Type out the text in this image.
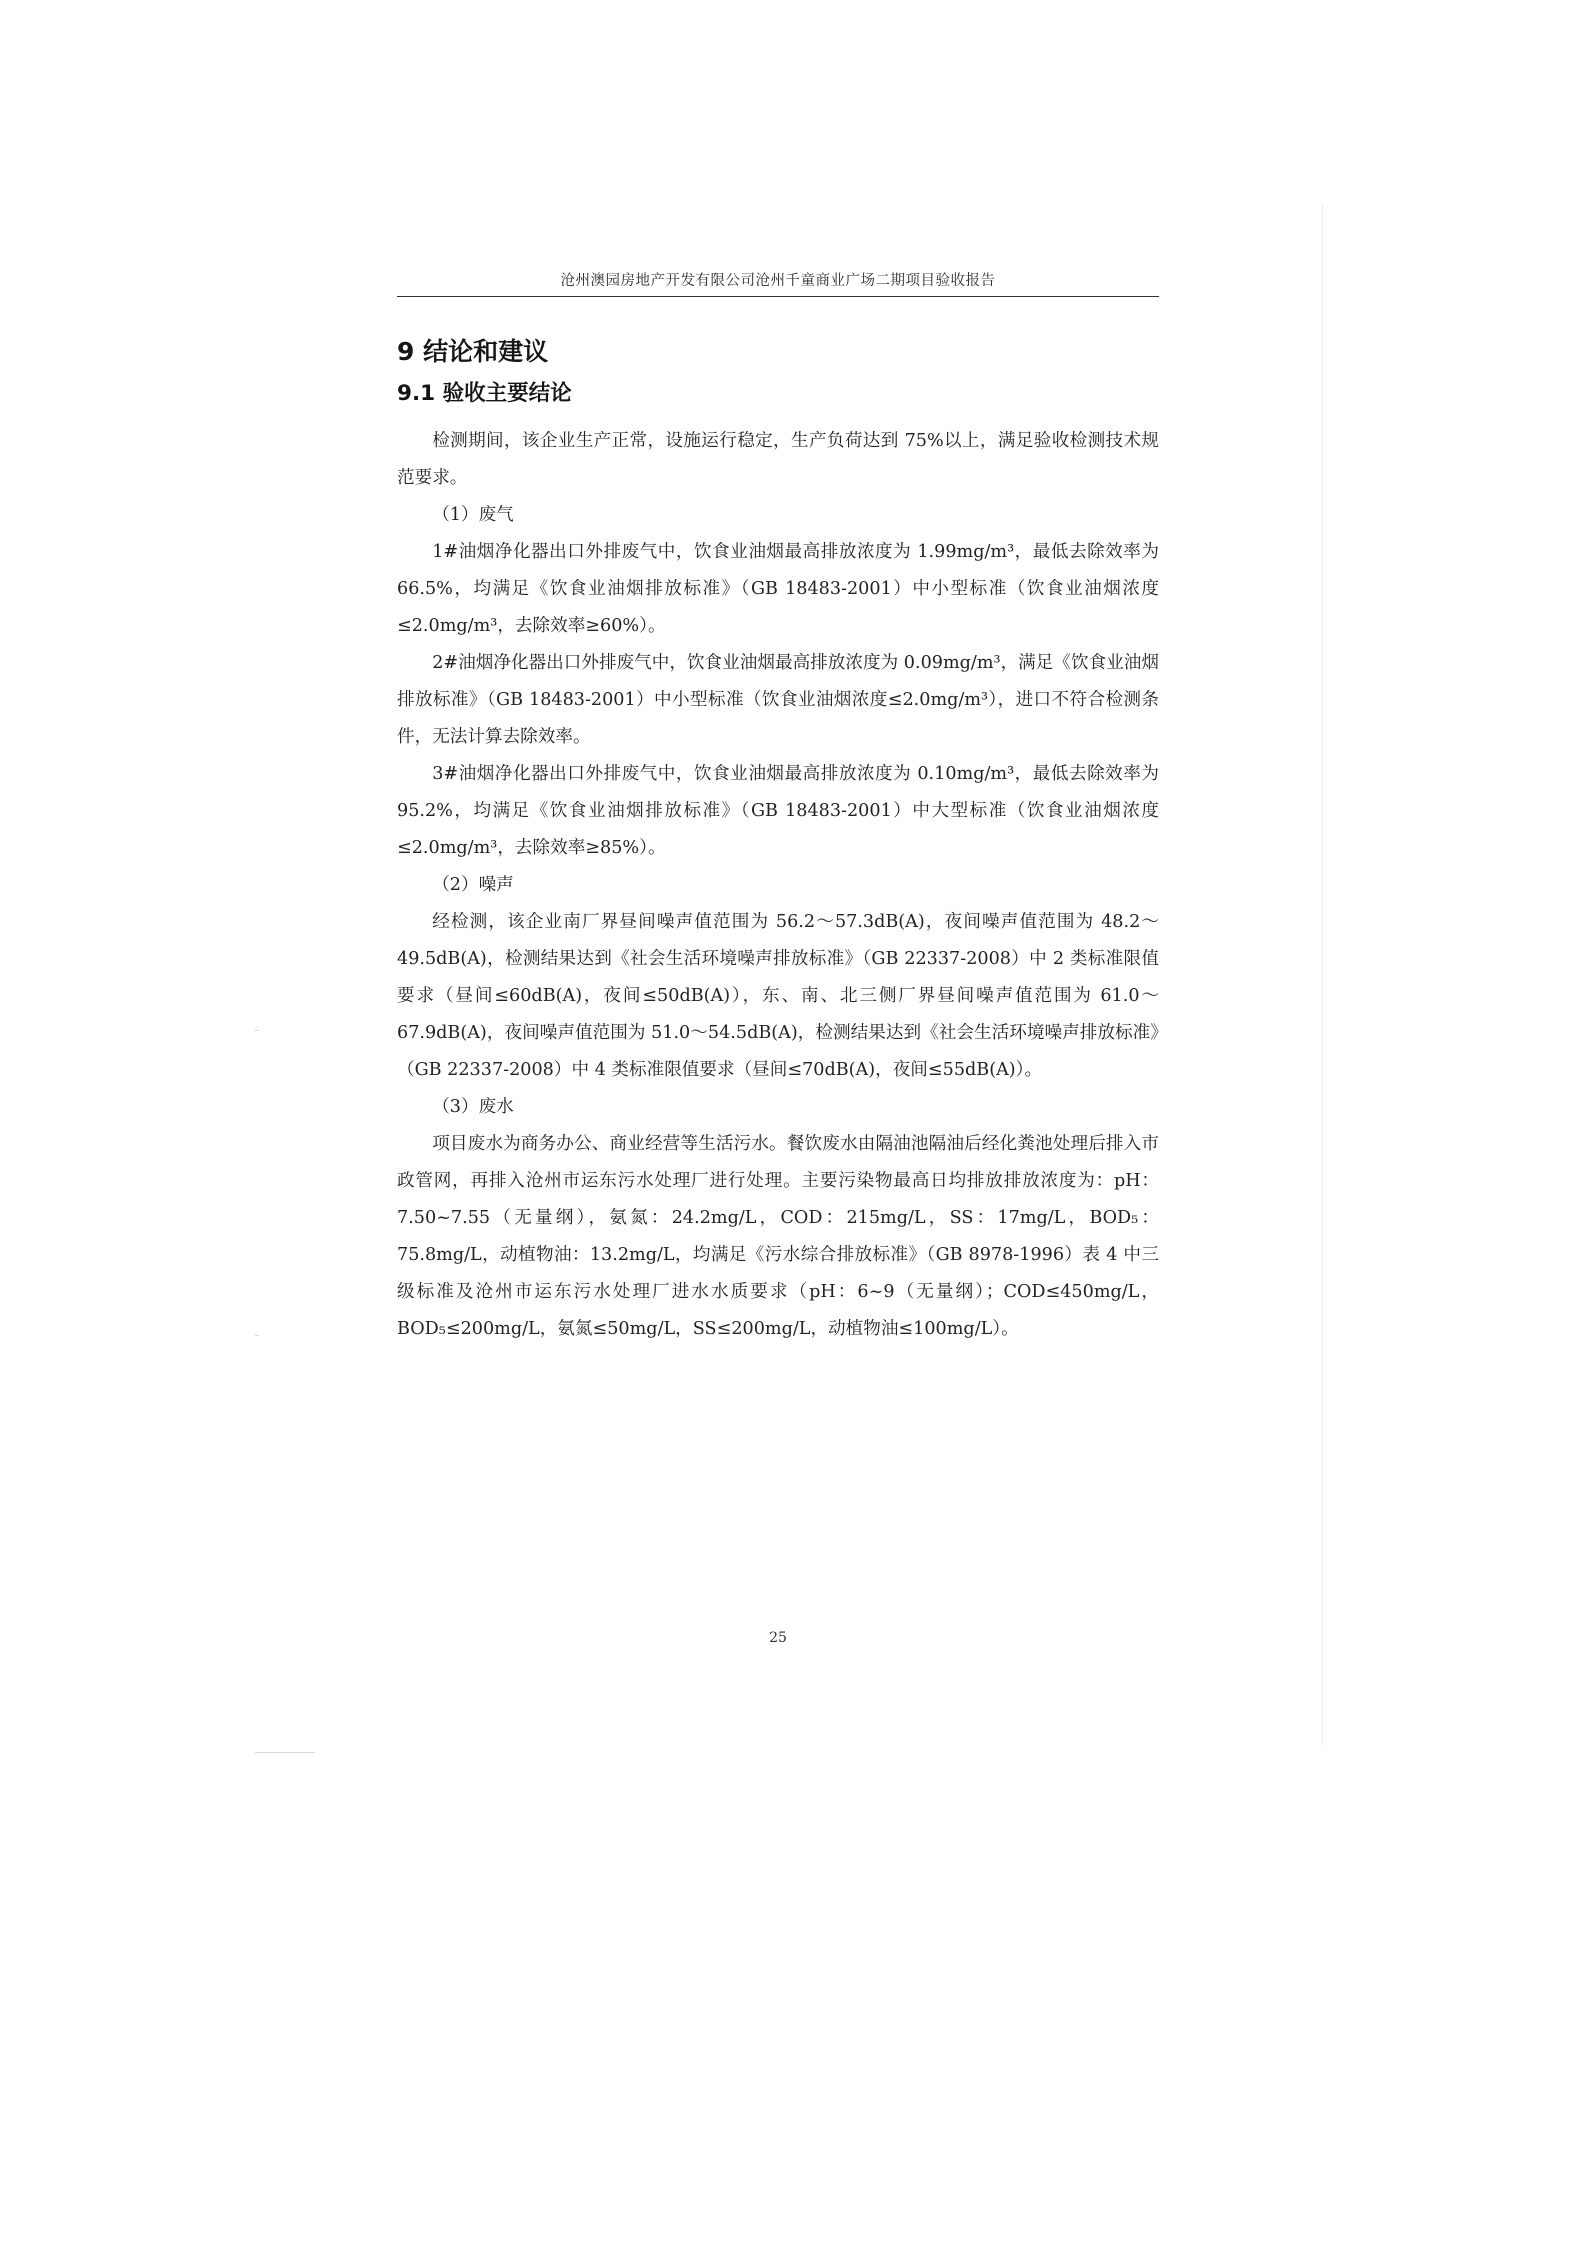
沧州澳园房地产开发有限公司沧州千童商业广场二期项目验收报告
9 结论和建议
9.1 验收主要结论

检测期间，该企业生产正常，设施运行稳定，生产负荷达到 75%以上，满足验收检测技术规范要求。

（1）废气

1#油烟净化器出口外排废气中，饮食业油烟最高排放浓度为 1.99mg/m³，最低去除效率为 66.5%，均满足《饮食业油烟排放标准》（GB 18483-2001）中小型标准（饮食业油烟浓度≤2.0mg/m³，去除效率≥60%）。

2#油烟净化器出口外排废气中，饮食业油烟最高排放浓度为 0.09mg/m³，满足《饮食业油烟排放标准》（GB 18483-2001）中小型标准（饮食业油烟浓度≤2.0mg/m³），进口不符合检测条件，无法计算去除效率。

3#油烟净化器出口外排废气中，饮食业油烟最高排放浓度为 0.10mg/m³，最低去除效率为 95.2%，均满足《饮食业油烟排放标准》（GB 18483-2001）中大型标准（饮食业油烟浓度≤2.0mg/m³，去除效率≥85%）。

（2）噪声

经检测，该企业南厂界昼间噪声值范围为 56.2～57.3dB(A)，夜间噪声值范围为 48.2～49.5dB(A)，检测结果达到《社会生活环境噪声排放标准》（GB 22337-2008）中 2 类标准限值要求（昼间≤60dB(A)，夜间≤50dB(A)），东、南、北三侧厂界昼间噪声值范围为 61.0～67.9dB(A)，夜间噪声值范围为 51.0～54.5dB(A)，检测结果达到《社会生活环境噪声排放标准》（GB 22337-2008）中 4 类标准限值要求（昼间≤70dB(A)，夜间≤55dB(A)）。

（3）废水

项目废水为商务办公、商业经营等生活污水。餐饮废水由隔油池隔油后经化粪池处理后排入市政管网，再排入沧州市运东污水处理厂进行处理。主要污染物最高日均排放排放浓度为：pH：7.50~7.55（无量纲），氨氮：24.2mg/L，COD：215mg/L，SS：17mg/L，BOD₅：75.8mg/L，动植物油：13.2mg/L，均满足《污水综合排放标准》（GB 8978-1996）表 4 中三级标准及沧州市运东污水处理厂进水水质要求（pH：6~9（无量纲）；COD≤450mg/L，BOD₅≤200mg/L，氨氮≤50mg/L，SS≤200mg/L，动植物油≤100mg/L）。

25
